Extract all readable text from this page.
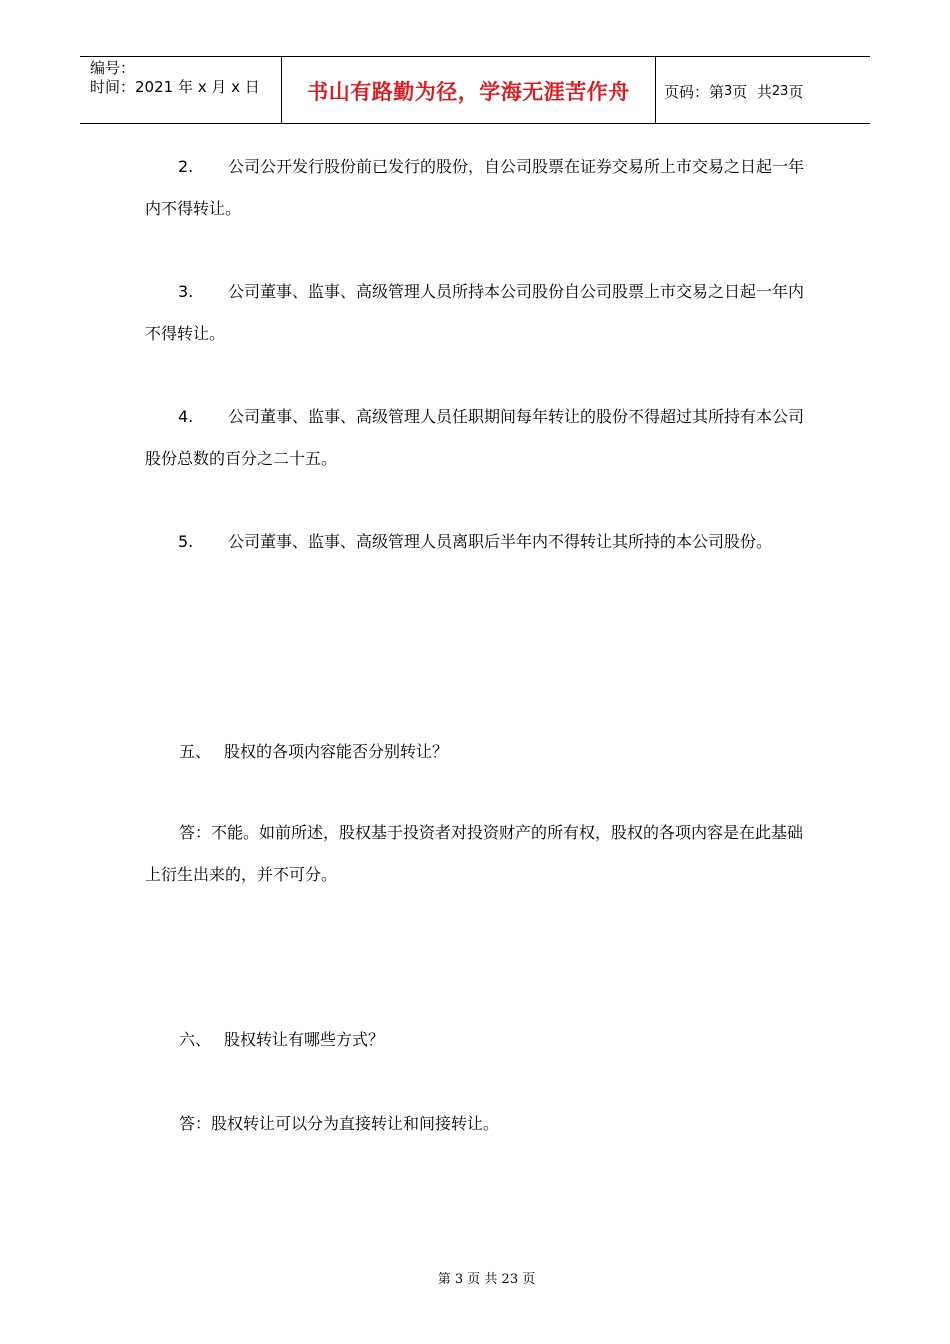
编号：
时间：2021 年 x 月 x 日	书山有路勤为径，学海无涯苦作舟	页码：第 3 页  共 23 页
2. 公司公开发行股份前已发行的股份，自公司股票在证券交易所上市交易之日起一年内不得转让。
3. 公司董事、监事、高级管理人员所持本公司股份自公司股票上市交易之日起一年内不得转让。
4. 公司董事、监事、高级管理人员任职期间每年转让的股份不得超过其所持有本公司股份总数的百分之二十五。
5. 公司董事、监事、高级管理人员离职后半年内不得转让其所持的本公司股份。
五、 股权的各项内容能否分别转让？
答：不能。如前所述，股权基于投资者对投资财产的所有权，股权的各项内容是在此基础上衍生出来的，并不可分。
六、 股权转让有哪些方式？
答：股权转让可以分为直接转让和间接转让。
第 3 页 共 23 页
